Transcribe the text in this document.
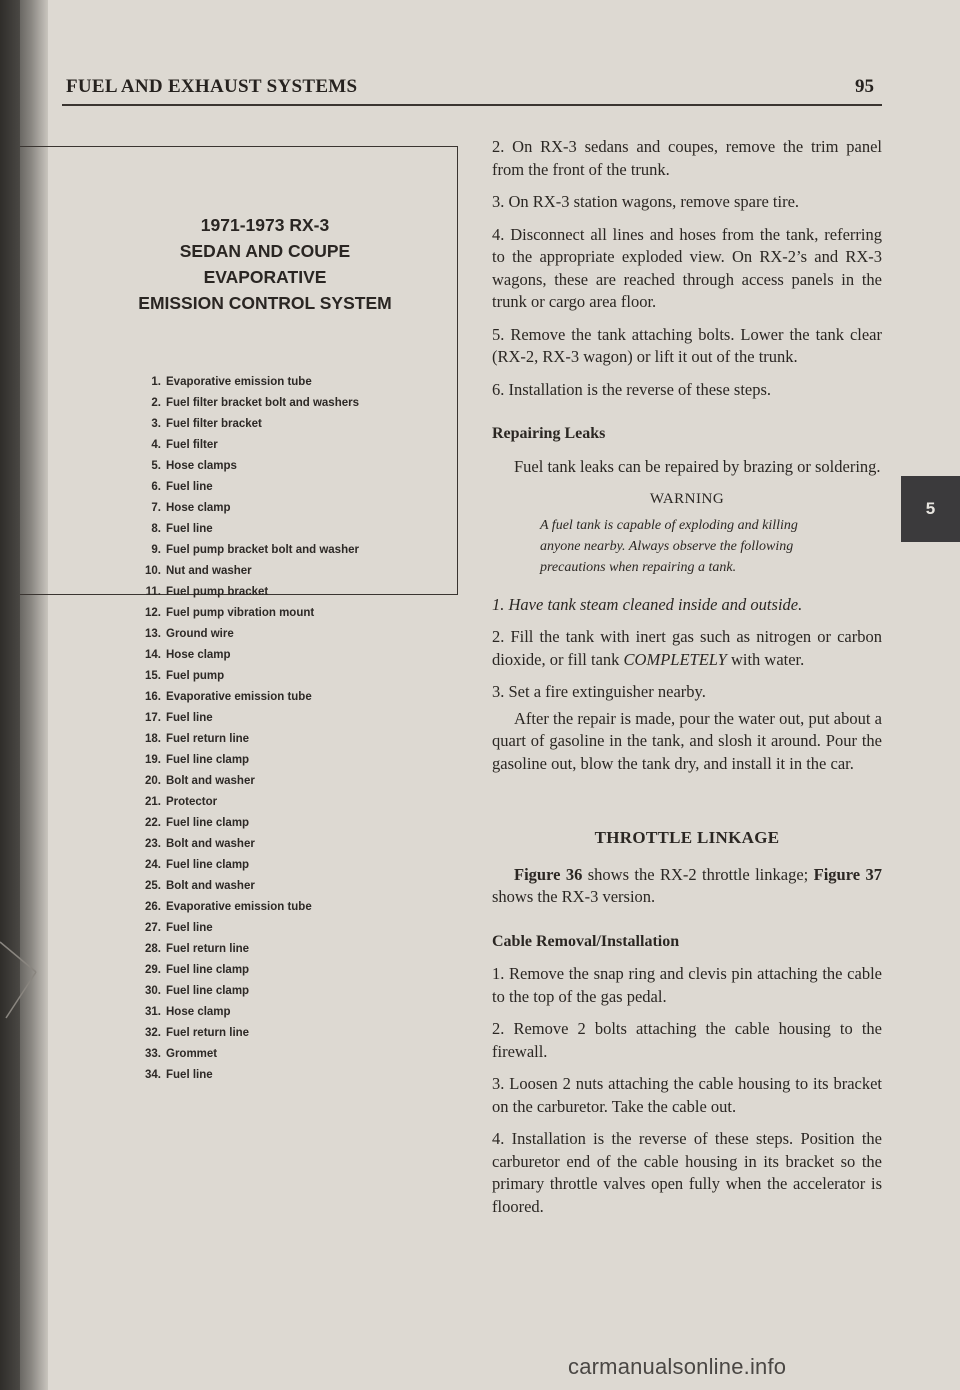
FUEL AND EXHAUST SYSTEMS	95
1971-1973 RX-3
SEDAN AND COUPE
EVAPORATIVE
EMISSION CONTROL SYSTEM
1. Evaporative emission tube
2. Fuel filter bracket bolt and washers
3. Fuel filter bracket
4. Fuel filter
5. Hose clamps
6. Fuel line
7. Hose clamp
8. Fuel line
9. Fuel pump bracket bolt and washer
10. Nut and washer
11. Fuel pump bracket
12. Fuel pump vibration mount
13. Ground wire
14. Hose clamp
15. Fuel pump
16. Evaporative emission tube
17. Fuel line
18. Fuel return line
19. Fuel line clamp
20. Bolt and washer
21. Protector
22. Fuel line clamp
23. Bolt and washer
24. Fuel line clamp
25. Bolt and washer
26. Evaporative emission tube
27. Fuel line
28. Fuel return line
29. Fuel line clamp
30. Fuel line clamp
31. Hose clamp
32. Fuel return line
33. Grommet
34. Fuel line

2. On RX-3 sedans and coupes, remove the trim panel from the front of the trunk.

3. On RX-3 station wagons, remove spare tire.

4. Disconnect all lines and hoses from the tank, referring to the appropriate exploded view. On RX-2’s and RX-3 wagons, these are reached through access panels in the trunk or cargo area floor.

5. Remove the tank attaching bolts. Lower the tank clear (RX-2, RX-3 wagon) or lift it out of the trunk.

6. Installation is the reverse of these steps.

Repairing Leaks

Fuel tank leaks can be repaired by brazing or soldering.

WARNING
A fuel tank is capable of exploding and killing anyone nearby. Always observe the following precautions when repairing a tank.

1. Have tank steam cleaned inside and outside.

2. Fill the tank with inert gas such as nitrogen or carbon dioxide, or fill tank COMPLETELY with water.

3. Set a fire extinguisher nearby.

After the repair is made, pour the water out, put about a quart of gasoline in the tank, and slosh it around. Pour the gasoline out, blow the tank dry, and install it in the car.

THROTTLE LINKAGE

Figure 36 shows the RX-2 throttle linkage; Figure 37 shows the RX-3 version.

Cable Removal/Installation

1. Remove the snap ring and clevis pin attaching the cable to the top of the gas pedal.

2. Remove 2 bolts attaching the cable housing to the firewall.

3. Loosen 2 nuts attaching the cable housing to its bracket on the carburetor. Take the cable out.

4. Installation is the reverse of these steps. Position the carburetor end of the cable housing in its bracket so the primary throttle valves open fully when the accelerator is floored.

5
carmanualsonline.info
